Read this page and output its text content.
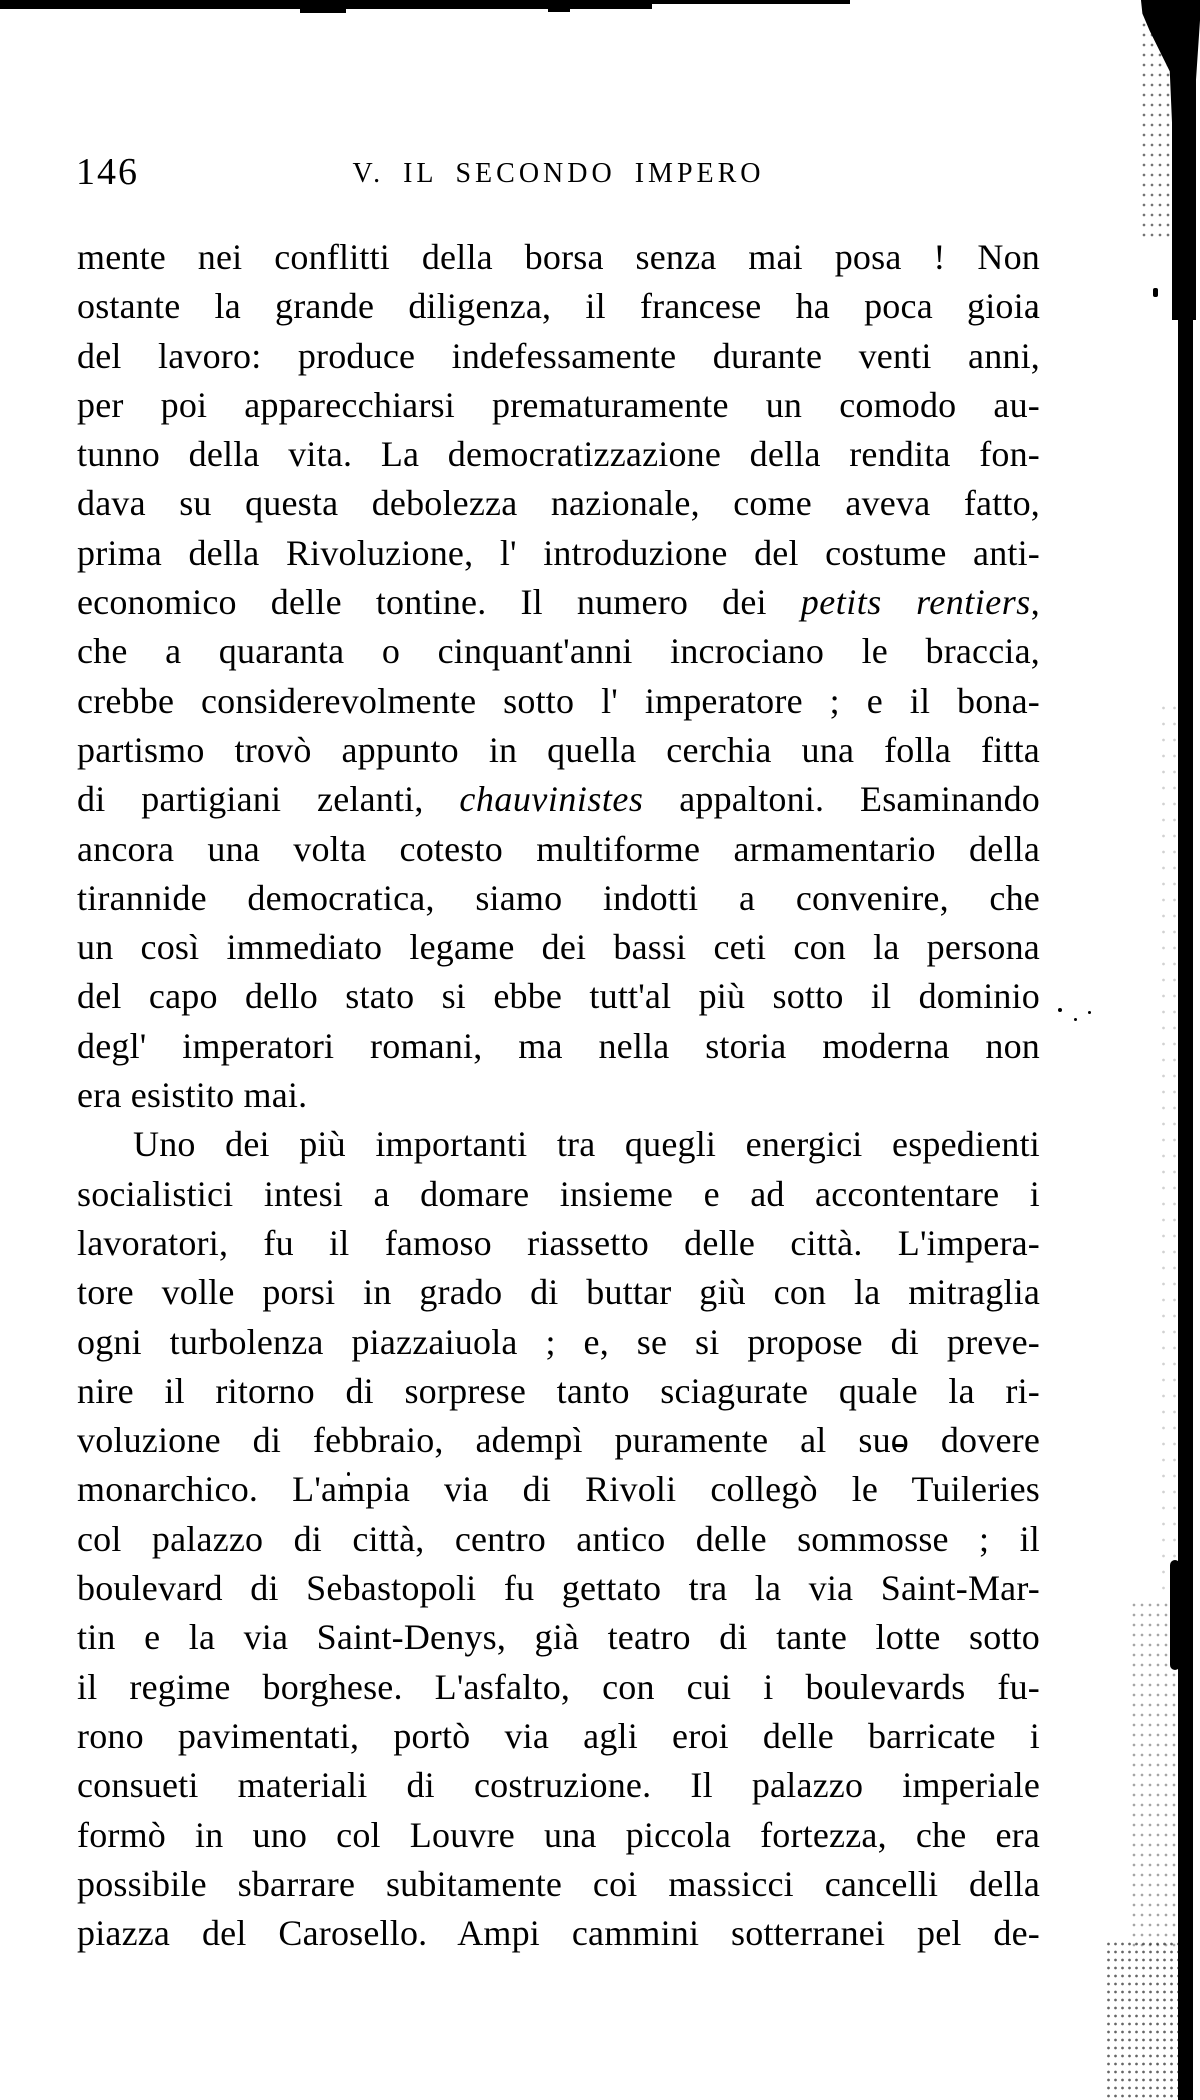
146	V. IL SECONDO IMPERO
mente nei conflitti della borsa senza mai posa ! Non
ostante la grande diligenza, il francese ha poca gioia
del lavoro: produce indefessamente durante venti anni,
per poi apparecchiarsi prematuramente un comodo au-
tunno della vita. La democratizzazione della rendita fon-
dava su questa debolezza nazionale, come aveva fatto,
prima della Rivoluzione, l' introduzione del costume anti-
economico delle tontine. Il numero dei petits rentiers,
che a quaranta o cinquant'anni incrociano le braccia,
crebbe considerevolmente sotto l' imperatore ; e il bona-
partismo trovò appunto in quella cerchia una folla fitta
di partigiani zelanti, chauvinistes appaltoni. Esaminando
ancora una volta cotesto multiforme armamentario della
tirannide democratica, siamo indotti a convenire, che
un così immediato legame dei bassi ceti con la persona
del capo dello stato si ebbe tutt'al più sotto il dominio
degl' imperatori romani, ma nella storia moderna non
era esistito mai.
Uno dei più importanti tra quegli energici espedienti
socialistici intesi a domare insieme e ad accontentare i
lavoratori, fu il famoso riassetto delle città. L'impera-
tore volle porsi in grado di buttar giù con la mitraglia
ogni turbolenza piazzaiuola ; e, se si propose di preve-
nire il ritorno di sorprese tanto sciagurate quale la ri-
voluzione di febbraio, adempì puramente al suo dovere
monarchico. L'ampia via di Rivoli collegò le Tuileries
col palazzo di città, centro antico delle sommosse ; il
boulevard di Sebastopoli fu gettato tra la via Saint-Mar-
tin e la via Saint-Denys, già teatro di tante lotte sotto
il regime borghese. L'asfalto, con cui i boulevards fu-
rono pavimentati, portò via agli eroi delle barricate i
consueti materiali di costruzione. Il palazzo imperiale
formò in uno col Louvre una piccola fortezza, che era
possibile sbarrare subitamente coi massicci cancelli della
piazza del Carosello. Ampi cammini sotterranei pel de-
